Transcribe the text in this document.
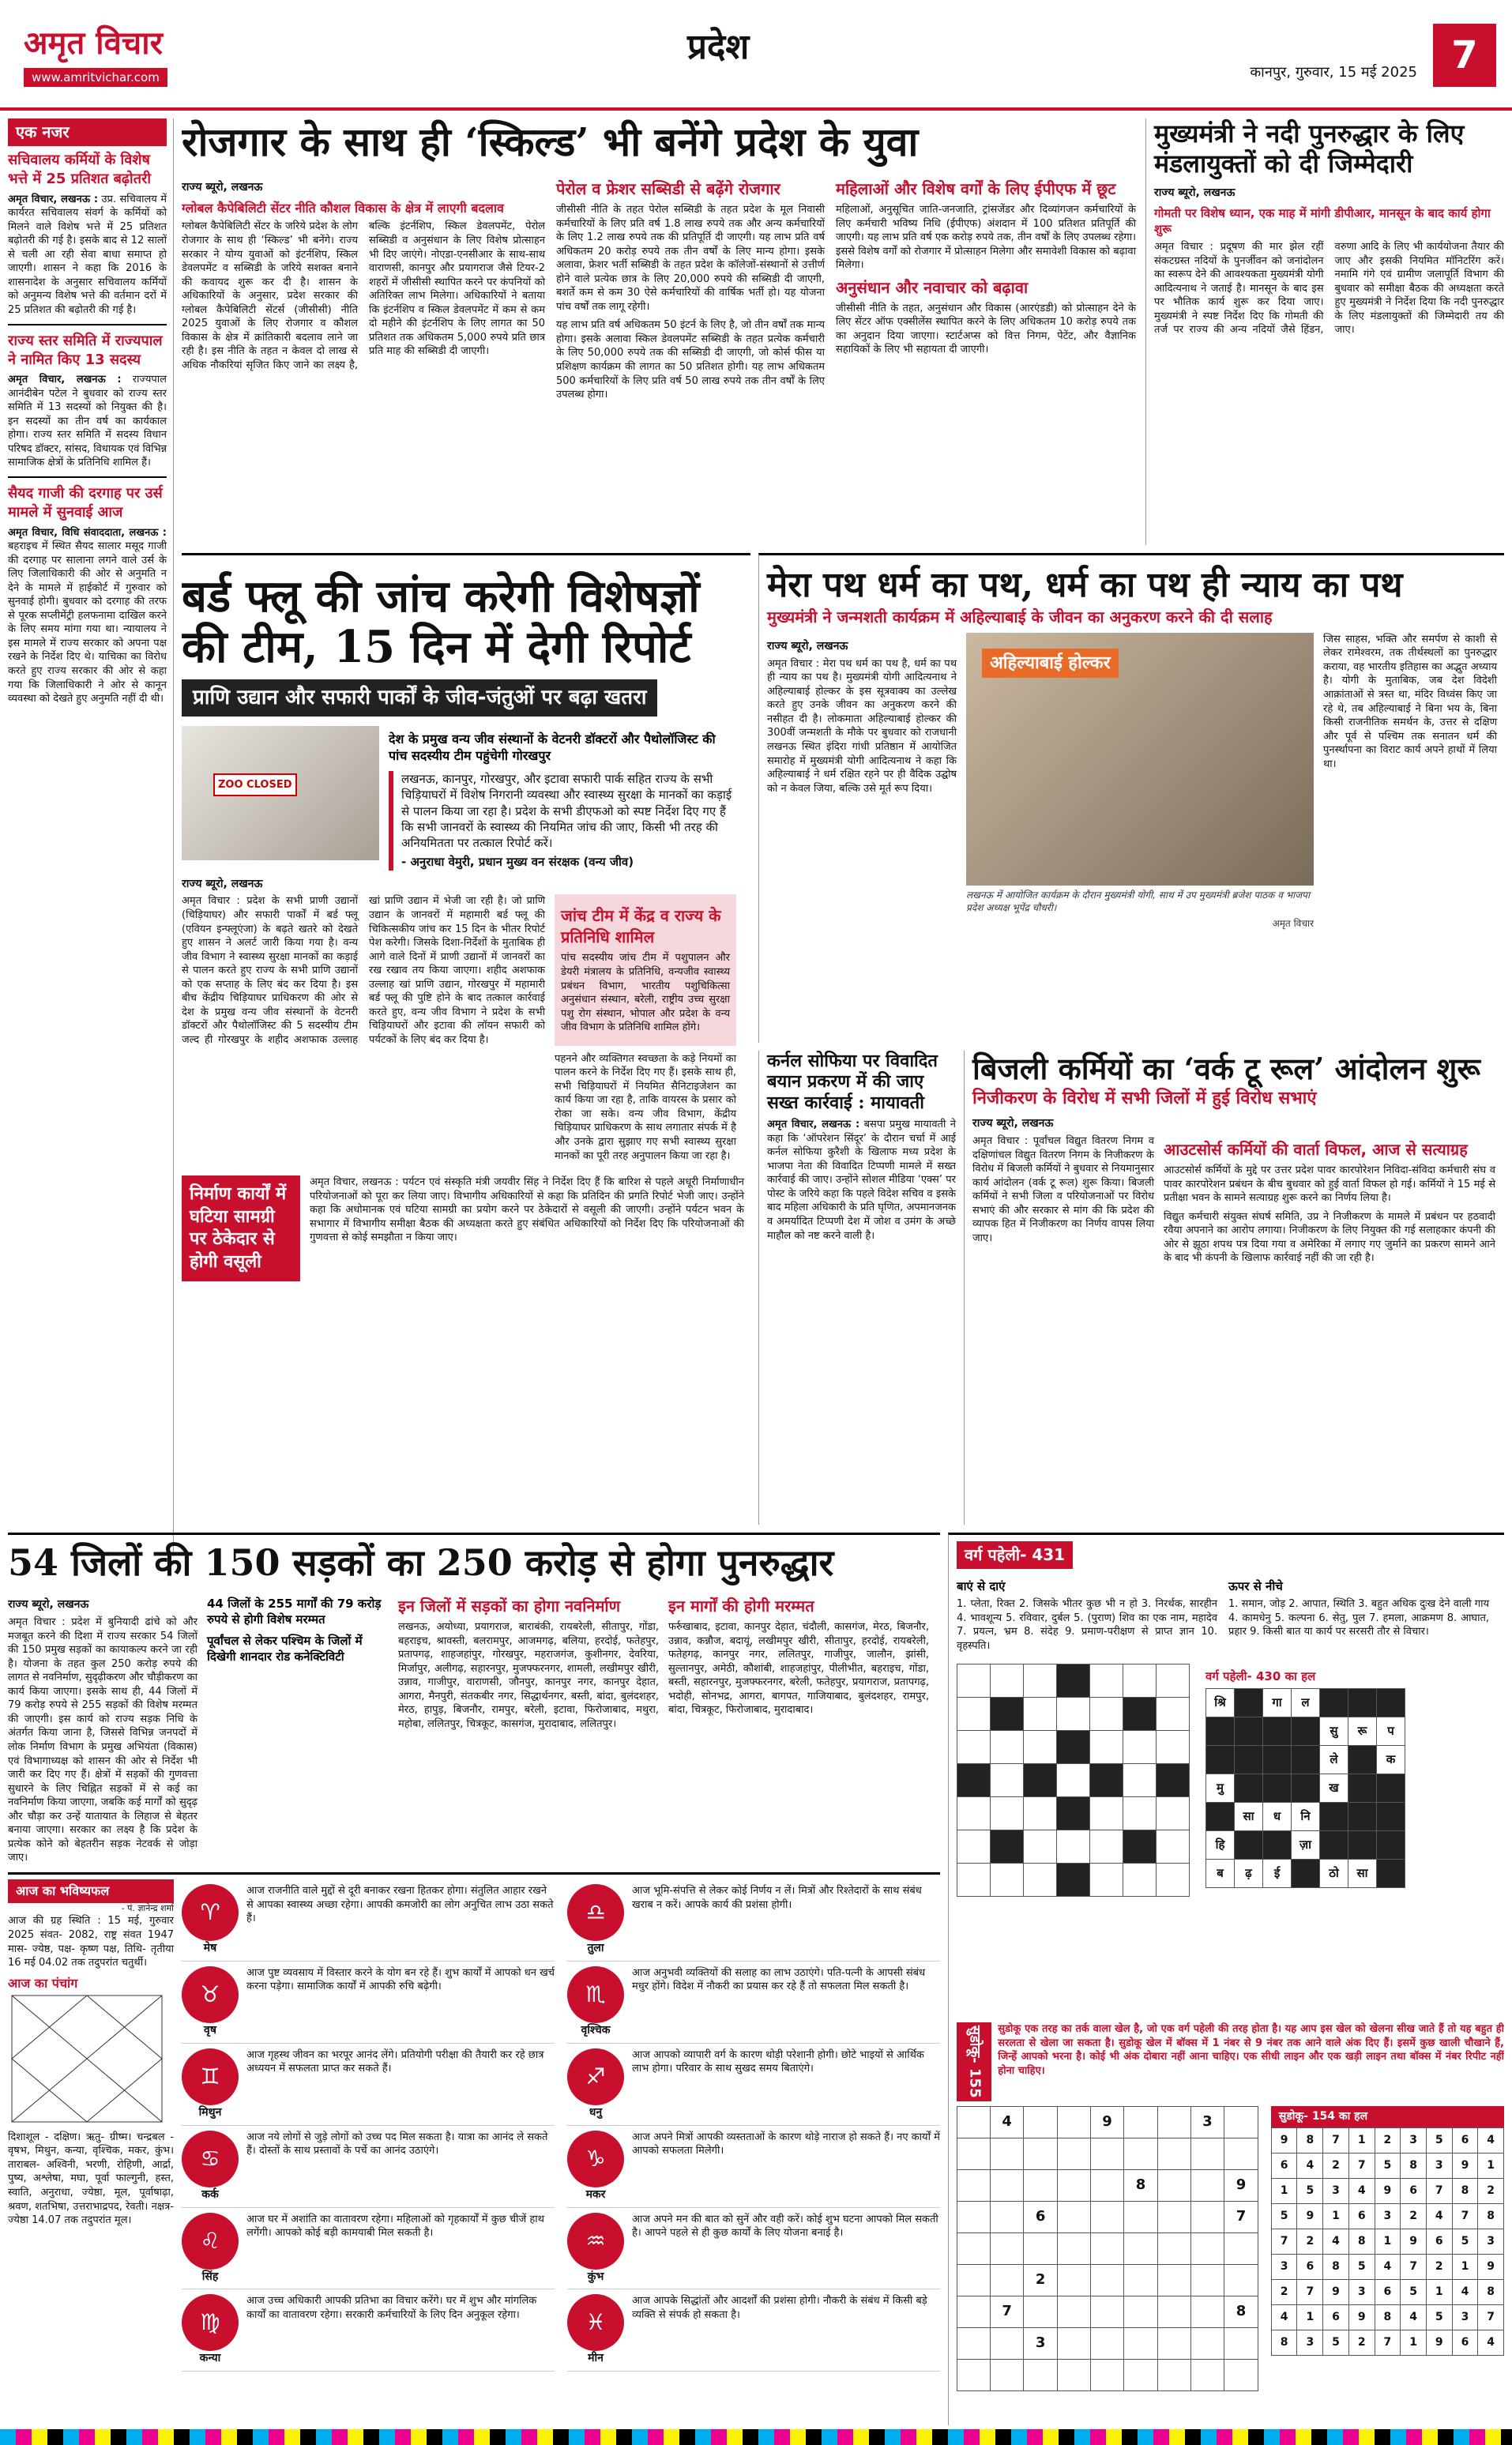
अमृत विचार
www.amritvichar.com
प्रदेश
कानपुर, गुरुवार, 15 मई 2025 7
एक नजर
सचिवालय कर्मियों के विशेष भत्ते में 25 प्रतिशत बढ़ोतरी
अमृत विचार, लखनऊ : उप्र. सचिवालय में कार्यरत सचिवालय संवर्ग के कर्मियों को मिलने वाले विशेष भत्ते में 25 प्रतिशत बढ़ोतरी की गई है। इसके बाद से 12 सालों से चली आ रही सेवा बाधा समाप्त हो जाएगी। शासन ने कहा कि 2016 के शासनादेश के अनुसार सचिवालय कर्मियों को अनुमन्य विशेष भत्ते की वर्तमान दरों में 25 प्रतिशत की बढ़ोतरी की गई है।
राज्य स्तर समिति में राज्यपाल ने नामित किए 13 सदस्य
अमृत विचार, लखनऊ : राज्यपाल आनंदीबेन पटेल ने बुधवार को राज्य स्तर समिति में 13 सदस्यों को नियुक्त की है। इन सदस्यों का तीन वर्ष का कार्यकाल होगा। राज्य स्तर समिति में सदस्य विधान परिषद डॉक्टर, सांसद, विधायक एवं विभिन्न सामाजिक क्षेत्रों के प्रतिनिधि शामिल हैं।
सैयद गाजी की दरगाह पर उर्स मामले में सुनवाई आज
अमृत विचार, विधि संवाददाता, लखनऊ : बहराइच में स्थित सैयद सालार मसूद गाजी की दरगाह पर सालाना लगने वाले उर्स के लिए जिलाधिकारी की ओर से अनुमति न देने के मामले में हाईकोर्ट में गुरुवार को सुनवाई होगी। बुधवार को दरगाह की तरफ से पूरक सप्लीमेंट्री हलफनामा दाखिल करने के लिए समय मांगा गया था। न्यायालय ने इस मामले में राज्य सरकार को अपना पक्ष रखने के निर्देश दिए थे। याचिका का विरोध करते हुए राज्य सरकार की ओर से कहा गया कि जिलाधिकारी ने ओर से कानून व्यवस्था को देखते हुए अनुमति नहीं दी थी।
रोजगार के साथ ही ‘स्किल्ड’ भी बनेंगे प्रदेश के युवा
राज्य ब्यूरो, लखनऊ
ग्लोबल कैपेबिलिटी सेंटर नीति कौशल विकास के क्षेत्र में लाएगी बदलाव
ग्लोबल कैपेबिलिटी सेंटर के जरिये प्रदेश के लोग रोजगार के साथ ही ‘स्किल्ड’ भी बनेंगे। राज्य सरकार ने योग्य युवाओं को इंटर्नशिप, स्किल डेवलपमेंट व सब्सिडी के जरिये सशक्त बनाने की कवायद शुरू कर दी है। शासन के अधिकारियों के अनुसार, प्रदेश सरकार की ग्लोबल कैपेबिलिटी सेंटर्स (जीसीसी) नीति 2025 युवाओं के लिए रोजगार व कौशल विकास के क्षेत्र में क्रांतिकारी बदलाव लाने जा रही है। इस नीति के तहत न केवल दो लाख से अधिक नौकरियां सृजित किए जाने का लक्ष्य है, बल्कि इंटर्नशिप, स्किल डेवलपमेंट, पेरोल सब्सिडी व अनुसंधान के लिए विशेष प्रोत्साहन भी दिए जाएंगे। नोएडा-एनसीआर के साथ-साथ वाराणसी, कानपुर और प्रयागराज जैसे टियर-2 शहरों में जीसीसी स्थापित करने पर कंपनियों को अतिरिक्त लाभ मिलेगा। अधिकारियों ने बताया कि इंटर्नशिप व स्किल डेवलपमेंट में कम से कम दो महीने की इंटर्नशिप के लिए लागत का 50 प्रतिशत तक अधिकतम 5,000 रुपये प्रति छात्र प्रति माह की सब्सिडी दी जाएगी।
पेरोल व फ्रेशर सब्सिडी से बढ़ेंगे रोजगार
जीसीसी नीति के तहत पेरोल सब्सिडी के तहत प्रदेश के मूल निवासी कर्मचारियों के लिए प्रति वर्ष 1.8 लाख रुपये तक और अन्य कर्मचारियों के लिए 1.2 लाख रुपये तक की प्रतिपूर्ति दी जाएगी। यह लाभ प्रति वर्ष अधिकतम 20 करोड़ रुपये तक तीन वर्षों के लिए मान्य होगा। इसके अलावा, फ्रेशर भर्ती सब्सिडी के तहत प्रदेश के कॉलेजों-संस्थानों से उत्तीर्ण होने वाले प्रत्येक छात्र के लिए 20,000 रुपये की सब्सिडी दी जाएगी, बशर्ते कम से कम 30 ऐसे कर्मचारियों की वार्षिक भर्ती हो। यह योजना पांच वर्षों तक लागू रहेगी।
यह लाभ प्रति वर्ष अधिकतम 50 इंटर्न के लिए है, जो तीन वर्षों तक मान्य होगा। इसके अलावा स्किल डेवलपमेंट सब्सिडी के तहत प्रत्येक कर्मचारी के लिए 50,000 रुपये तक की सब्सिडी दी जाएगी, जो कोर्स फीस या प्रशिक्षण कार्यक्रम की लागत का 50 प्रतिशत होगी। यह लाभ अधिकतम 500 कर्मचारियों के लिए प्रति वर्ष 50 लाख रुपये तक तीन वर्षों के लिए उपलब्ध होगा।
महिलाओं और विशेष वर्गों के लिए ईपीएफ में छूट
महिलाओं, अनुसूचित जाति-जनजाति, ट्रांसजेंडर और दिव्यांगजन कर्मचारियों के लिए कर्मचारी भविष्य निधि (ईपीएफ) अंशदान में 100 प्रतिशत प्रतिपूर्ति की जाएगी। यह लाभ प्रति वर्ष एक करोड़ रुपये तक, तीन वर्षों के लिए उपलब्ध रहेगा। इससे विशेष वर्गों को रोजगार में प्रोत्साहन मिलेगा और समावेशी विकास को बढ़ावा मिलेगा।
अनुसंधान और नवाचार को बढ़ावा
जीसीसी नीति के तहत, अनुसंधान और विकास (आरएंडडी) को प्रोत्साहन देने के लिए सेंटर ऑफ एक्सीलेंस स्थापित करने के लिए अधिकतम 10 करोड़ रुपये तक का अनुदान दिया जाएगा। स्टार्टअप्स को वित्त निगम, पेटेंट, और वैज्ञानिक सहायिकों के लिए भी सहायता दी जाएगी।
मुख्यमंत्री ने नदी पुनरुद्धार के लिए मंडलायुक्तों को दी जिम्मेदारी
राज्य ब्यूरो, लखनऊ
गोमती पर विशेष ध्यान, एक माह में मांगी डीपीआर, मानसून के बाद कार्य होगा शुरू
अमृत विचार : प्रदूषण की मार झेल रहीं संकटग्रस्त नदियों के पुनर्जीवन को जनांदोलन का स्वरूप देने की आवश्यकता मुख्यमंत्री योगी आदित्यनाथ ने जताई है। मानसून के बाद इस पर भौतिक कार्य शुरू कर दिया जाए। मुख्यमंत्री ने स्पष्ट निर्देश दिए कि गोमती की तर्ज पर राज्य की अन्य नदियों जैसे हिंडन, वरुणा आदि के लिए भी कार्ययोजना तैयार की जाए और इसकी नियमित मॉनिटरिंग करें। नमामि गंगे एवं ग्रामीण जलापूर्ति विभाग की बुधवार को समीक्षा बैठक की अध्यक्षता करते हुए मुख्यमंत्री ने निर्देश दिया कि नदी पुनरुद्धार के लिए मंडलायुक्तों की जिम्मेदारी तय की जाए।
बर्ड फ्लू की जांच करेगी विशेषज्ञों
की टीम, 15 दिन में देगी रिपोर्ट
प्राणि उद्यान और सफारी पार्कों के जीव-जंतुओं पर बढ़ा खतरा
ZOO CLOSED
देश के प्रमुख वन्य जीव संस्थानों के वेटनरी डॉक्टरों और पैथोलॉजिस्ट की पांच सदस्यीय टीम पहुंचेगी गोरखपुर
लखनऊ, कानपुर, गोरखपुर, और इटावा सफारी पार्क सहित राज्य के सभी चिड़ियाघरों में विशेष निगरानी व्यवस्था और स्वास्थ्य सुरक्षा के मानकों का कड़ाई से पालन किया जा रहा है। प्रदेश के सभी डीएफओ को स्पष्ट निर्देश दिए गए हैं कि सभी जानवरों के स्वास्थ्य की नियमित जांच की जाए, किसी भी तरह की अनियमितता पर तत्काल रिपोर्ट करें।
- अनुराधा वेमुरी, प्रधान मुख्य वन संरक्षक (वन्य जीव)
राज्य ब्यूरो, लखनऊ
अमृत विचार : प्रदेश के सभी प्राणी उद्यानों (चिड़ियाघर) और सफारी पार्कों में बर्ड फ्लू (एवियन इन्फ्लूएंजा) के बढ़ते खतरे को देखते हुए शासन ने अलर्ट जारी किया गया है। वन्य जीव विभाग ने स्वास्थ्य सुरक्षा मानकों का कड़ाई से पालन करते हुए राज्य के सभी प्राणि उद्यानों को एक सप्ताह के लिए बंद कर दिया है। इस बीच केंद्रीय चिड़ियाघर प्राधिकरण की ओर से देश के प्रमुख वन्य जीव संस्थानों के वेटनरी डॉक्टरों और पैथोलॉजिस्ट की 5 सदस्यीय टीम जल्द ही गोरखपुर के शहीद अशफाक उल्लाह खां प्राणि उद्यान में भेजी जा रही है। जो प्राणि उद्यान के जानवरों में महामारी बर्ड फ्लू की चिकित्सकीय जांच कर 15 दिन के भीतर रिपोर्ट पेश करेगी। जिसके दिशा-निर्देशों के मुताबिक ही आगे वाले दिनों में प्राणी उद्यानों में जानवरों का रख रखाव तय किया जाएगा। शहीद अशफाक उल्लाह खां प्राणि उद्यान, गोरखपुर में महामारी बर्ड फ्लू की पुष्टि होने के बाद तत्काल कार्रवाई करते हुए, वन्य जीव विभाग ने प्रदेश के सभी चिड़ियाघरों और इटावा की लॉयन सफारी को पर्यटकों के लिए बंद कर दिया है।
जांच टीम में केंद्र व राज्य के प्रतिनिधि शामिल
पांच सदस्यीय जांच टीम में पशुपालन और डेयरी मंत्रालय के प्रतिनिधि, वन्यजीव स्वास्थ्य प्रबंधन विभाग, भारतीय पशुचिकित्सा अनुसंधान संस्थान, बरेली, राष्ट्रीय उच्च सुरक्षा पशु रोग संस्थान, भोपाल और प्रदेश के वन्य जीव विभाग के प्रतिनिधि शामिल होंगे।
पहनने और व्यक्तिगत स्वच्छता के कड़े नियमों का पालन करने के निर्देश दिए गए हैं। इसके साथ ही, सभी चिड़ियाघरों में नियमित सैनिटाइजेशन का कार्य किया जा रहा है, ताकि वायरस के प्रसार को रोका जा सके। वन्य जीव विभाग, केंद्रीय चिड़ियाघर प्राधिकरण के साथ लगातार संपर्क में है और उनके द्वारा सुझाए गए सभी स्वास्थ्य सुरक्षा मानकों का पूरी तरह अनुपालन किया जा रहा है।
निर्माण कार्यों में घटिया सामग्री पर ठेकेदार से होगी वसूली
अमृत विचार, लखनऊ : पर्यटन एवं संस्कृति मंत्री जयवीर सिंह ने निर्देश दिए हैं कि बारिश से पहले अधूरी निर्माणाधीन परियोजनाओं को पूरा कर लिया जाए। विभागीय अधिकारियों से कहा कि प्रतिदिन की प्रगति रिपोर्ट भेजी जाए। उन्होंने कहा कि अधोमानक एवं घटिया सामग्री का प्रयोग करने पर ठेकेदारों से वसूली की जाएगी। उन्होंने पर्यटन भवन के सभागार में विभागीय समीक्षा बैठक की अध्यक्षता करते हुए संबंधित अधिकारियों को निर्देश दिए कि परियोजनाओं की गुणवत्ता से कोई समझौता न किया जाए।
मेरा पथ धर्म का पथ, धर्म का पथ ही न्याय का पथ
मुख्यमंत्री ने जन्मशती कार्यक्रम में अहिल्याबाई के जीवन का अनुकरण करने की दी सलाह
राज्य ब्यूरो, लखनऊ
अमृत विचार : मेरा पथ धर्म का पथ है, धर्म का पथ ही न्याय का पथ है। मुख्यमंत्री योगी आदित्यनाथ ने अहिल्याबाई होल्कर के इस सूत्रवाक्य का उल्लेख करते हुए उनके जीवन का अनुकरण करने की नसीहत दी है। लोकमाता अहिल्याबाई होल्कर की 300वीं जन्मशती के मौके पर बुधवार को राजधानी लखनऊ स्थित इंदिरा गांधी प्रतिष्ठान में आयोजित समारोह में मुख्यमंत्री योगी आदित्यनाथ ने कहा कि अहिल्याबाई ने धर्म रक्षित रहने पर ही वैदिक उद्घोष को न केवल जिया, बल्कि उसे मूर्त रूप दिया।
अहिल्याबाई होल्कर
लखनऊ में आयोजित कार्यक्रम के दौरान मुख्यमंत्री योगी, साथ में उप मुख्यमंत्री ब्रजेश पाठक व भाजपा प्रदेश अध्यक्ष भूपेंद्र चौधरी।
अमृत विचार
जिस साहस, भक्ति और समर्पण से काशी से लेकर रामेश्वरम, तक तीर्थस्थलों का पुनरुद्धार कराया, वह भारतीय इतिहास का अद्भुत अध्याय है। योगी के मुताबिक, जब देश विदेशी आक्रांताओं से त्रस्त था, मंदिर विध्वंस किए जा रहे थे, तब अहिल्याबाई ने बिना भय के, बिना किसी राजनीतिक समर्थन के, उत्तर से दक्षिण और पूर्व से पश्चिम तक सनातन धर्म की पुनर्स्थापना का विराट कार्य अपने हाथों में लिया था।
कर्नल सोफिया पर विवादित बयान प्रकरण में की जाए सख्त कार्रवाई : मायावती
अमृत विचार, लखनऊ : बसपा प्रमुख मायावती ने कहा कि ‘ऑपरेशन सिंदूर’ के दौरान चर्चा में आई कर्नल सोफिया कुरैशी के खिलाफ मध्य प्रदेश के भाजपा नेता की विवादित टिप्पणी मामले में सख्त कार्रवाई की जाए। उन्होंने सोशल मीडिया ‘एक्स’ पर पोस्ट के जरिये कहा कि पहले विदेश सचिव व इसके बाद महिला अधिकारी के प्रति घृणित, अपमानजनक व अमर्यादित टिप्पणी देश में जोश व उमंग के अच्छे माहौल को नष्ट करने वाली है।
बिजली कर्मियों का ‘वर्क टू रूल’ आंदोलन शुरू
निजीकरण के विरोध में सभी जिलों में हुई विरोध सभाएं
राज्य ब्यूरो, लखनऊ
अमृत विचार : पूर्वांचल विद्युत वितरण निगम व दक्षिणांचल विद्युत वितरण निगम के निजीकरण के विरोध में बिजली कर्मियों ने बुधवार से नियमानुसार कार्य आंदोलन (वर्क टू रूल) शुरू किया। बिजली कर्मियों ने सभी जिला व परियोजनाओं पर विरोध सभाएं की और सरकार से मांग की कि प्रदेश की व्यापक हित में निजीकरण का निर्णय वापस लिया जाए।
आउटसोर्स कर्मियों की वार्ता विफल, आज से सत्याग्रह
आउटसोर्स कर्मियों के मुद्दे पर उत्तर प्रदेश पावर कारपोरेशन निविदा-संविदा कर्मचारी संघ व पावर कारपोरेशन प्रबंधन के बीच बुधवार को हुई वार्ता विफल हो गई। कर्मियों ने 15 मई से प्रतीक्षा भवन के सामने सत्याग्रह शुरू करने का निर्णय लिया है।
विद्युत कर्मचारी संयुक्त संघर्ष समिति, उप्र ने निजीकरण के मामले में प्रबंधन पर हठवादी रवैया अपनाने का आरोप लगाया। निजीकरण के लिए नियुक्त की गई सलाहकार कंपनी की ओर से झूठा शपथ पत्र दिया गया व अमेरिका में लगाए गए जुर्माने का प्रकरण सामने आने के बाद भी कंपनी के खिलाफ कार्रवाई नहीं की जा रही है।
54 जिलों की 150 सड़कों का 250 करोड़ से होगा पुनरुद्धार
राज्य ब्यूरो, लखनऊ
अमृत विचार : प्रदेश में बुनियादी ढांचे को और मजबूत करने की दिशा में राज्य सरकार 54 जिलों की 150 प्रमुख सड़कों का कायाकल्प करने जा रही है। योजना के तहत कुल 250 करोड़ रुपये की लागत से नवनिर्माण, सुदृढ़ीकरण और चौड़ीकरण का कार्य किया जाएगा। इसके साथ ही, 44 जिलों में 79 करोड़ रुपये से 255 सड़कों की विशेष मरम्मत की जाएगी। इस कार्य को राज्य सड़क निधि के अंतर्गत किया जाना है, जिससे विभिन्न जनपदों में लोक निर्माण विभाग के प्रमुख अभियंता (विकास) एवं विभागाध्यक्ष को शासन की ओर से निर्देश भी जारी कर दिए गए हैं। क्षेत्रों में सड़कों की गुणवत्ता सुधारने के लिए चिह्नित सड़कों में से कई का नवनिर्माण किया जाएगा, जबकि कई मार्गों को सुदृढ़ और चौड़ा कर उन्हें यातायात के लिहाज से बेहतर बनाया जाएगा। सरकार का लक्ष्य है कि प्रदेश के प्रत्येक कोने को बेहतरीन सड़क नेटवर्क से जोड़ा जाए।
44 जिलों के 255 मार्गों की 79 करोड़ रुपये से होगी विशेष मरम्मत
पूर्वांचल से लेकर पश्चिम के जिलों में दिखेगी शानदार रोड कनेक्टिविटी
इन जिलों में सड़कों का होगा नवनिर्माण
लखनऊ, अयोध्या, प्रयागराज, बाराबंकी, रायबरेली, सीतापुर, गोंडा, बहराइच, श्रावस्ती, बलरामपुर, आजमगढ़, बलिया, हरदोई, फतेहपुर, प्रतापगढ़, शाहजहांपुर, गोरखपुर, महराजगंज, कुशीनगर, देवरिया, मिर्जापुर, अलीगढ़, सहारनपुर, मुजफ्फरनगर, शामली, लखीमपुर खीरी, उन्नाव, गाजीपुर, वाराणसी, जौनपुर, कानपुर नगर, कानपुर देहात, आगरा, मैनपुरी, संतकबीर नगर, सिद्धार्थनगर, बस्ती, बांदा, बुलंदशहर, मेरठ, हापुड़, बिजनौर, रामपुर, बरेली, इटावा, फिरोजाबाद, मथुरा, महोबा, ललितपुर, चित्रकूट, कासगंज, मुरादाबाद, ललितपुर।
इन मार्गों की होगी मरम्मत
फर्रुखाबाद, इटावा, कानपुर देहात, चंदौली, कासगंज, मेरठ, बिजनौर, उन्नाव, कन्नौज, बदायूं, लखीमपुर खीरी, सीतापुर, हरदोई, रायबरेली, फतेहगढ़, कानपुर नगर, ललितपुर, गाजीपुर, जालौन, झांसी, सुल्तानपुर, अमेठी, कौशांबी, शाहजहांपुर, पीलीभीत, बहराइच, गोंडा, बस्ती, सहारनपुर, मुजफ्फरनगर, बरेली, फतेहपुर, प्रयागराज, प्रतापगढ़, भदोही, सोनभद्र, आगरा, बागपत, गाजियाबाद, बुलंदशहर, रामपुर, बांदा, चित्रकूट, फिरोजाबाद, मुरादाबाद।
वर्ग पहेली- 431
बाएं से दाएं
1. प्लेता, रिक्त 2. जिसके भीतर कुछ भी न हो 3. निरर्थक, सारहीन 4. भावशून्य 5. रविवार, दुर्बल 5. (पुराण) शिव का एक नाम, महादेव 7. प्रयत्न, भ्रम 8. संदेह 9. प्रमाण-परीक्षण से प्राप्त ज्ञान 10. वृहस्पति।
ऊपर से नीचे
1. समान, जोड़ 2. आपात, स्थिति 3. बहुत अधिक दुःख देने वाली गाय 4. कामधेनु 5. कल्पना 6. सेतु, पुल 7. हमला, आक्रमण 8. आघात, प्रहार 9. किसी बात या कार्य पर सरसरी तौर से विचार।

वर्ग पहेली- 430 का हल
श्रि		गा	ल			
				सु	रू	प
				ले		क
मु				ख		
	सा	ध	नि			
हि			ज़ा			
ब	ढ़	ई		ठो	सा	
आज का भविष्यफल
- पं. ज्ञानेन्द्र शर्मा
आज की ग्रह स्थिति : 15 मई, गुरुवार 2025 संवत- 2082, राष्ट्र संवत 1947 मास- ज्येष्ठ, पक्ष- कृष्ण पक्ष, तिथि- तृतीया 16 मई 04.02 तक तदुपरांत चतुर्थी।
आज का पंचांग
दिशाशूल - दक्षिण। ऋतु- ग्रीष्म। चन्द्रबल - वृषभ, मिथुन, कन्या, वृश्चिक, मकर, कुंभ। ताराबल- अश्विनी, भरणी, रोहिणी, आर्द्रा, पुष्य, अश्लेषा, मघा, पूर्वा फाल्गुनी, हस्त, स्वाति, अनुराधा, ज्येष्ठा, मूल, पूर्वाषाढ़ा, श्रवण, शतभिषा, उत्तराभाद्रपद, रेवती। नक्षत्र- ज्येष्ठा 14.07 तक तदुपरांत मूल।
♈
मेष
आज राजनीति वाले मुद्दों से दूरी बनाकर रखना हितकर होगा। संतुलित आहार रखने से आपका स्वास्थ्य अच्छा रहेगा। आपकी कमजोरी का लोग अनुचित लाभ उठा सकते हैं।
♉
वृष
आज पुष्ट व्यवसाय में विस्तार करने के योग बन रहे हैं। शुभ कार्यों में आपको धन खर्च करना पड़ेगा। सामाजिक कार्यों में आपकी रुचि बढ़ेगी।
♊
मिथुन
आज गृहस्थ जीवन का भरपूर आनंद लेंगे। प्रतियोगी परीक्षा की तैयारी कर रहे छात्र अध्ययन में सफलता प्राप्त कर सकते हैं।
♋
कर्क
आज नये लोगों से जुड़े लोगों को उच्च पद मिल सकता है। यात्रा का आनंद ले सकते हैं। दोस्तों के साथ प्रस्तावों के पर्चे का आनंद उठाएंगे।
♌
सिंह
आज घर में अशांति का वातावरण रहेगा। महिलाओं को गृहकार्यों में कुछ चीजें हाथ लगेंगी। आपको कोई बड़ी कामयाबी मिल सकती है।
♍
कन्या
आज उच्च अधिकारी आपकी प्रतिभा का विचार करेंगे। घर में शुभ और मांगलिक कार्यों का वातावरण रहेगा। सरकारी कर्मचारियों के लिए दिन अनुकूल रहेगा।
♎
तुला
आज भूमि-संपत्ति से लेकर कोई निर्णय न लें। मित्रों और रिश्तेदारों के साथ संबंध खराब न करें। आपके कार्य की प्रशंसा होगी।
♏
वृश्चिक
आज अनुभवी व्यक्तियों की सलाह का लाभ उठाएंगे। पति-पत्नी के आपसी संबंध मधुर होंगे। विदेश में नौकरी का प्रयास कर रहे हैं तो सफलता मिल सकती है।
♐
धनु
आज आपको व्यापारी वर्ग के कारण थोड़ी परेशानी होगी। छोटे भाइयों से आर्थिक लाभ होगा। परिवार के साथ सुखद समय बिताएंगे।
♑
मकर
आज अपने मित्रों आपकी व्यस्तताओं के कारण थोड़े नाराज हो सकते हैं। नए कार्यों में आपको सफलता मिलेगी।
♒
कुंभ
आज अपने मन की बात को सुनें और वही करें। कोई शुभ घटना आपको मिल सकती है। आपने पहले से ही कुछ कार्यों के लिए योजना बनाई है।
♓
मीन
आज आपके सिद्धांतों और आदर्शों की प्रशंसा होगी। नौकरी के संबंध में किसी बड़े व्यक्ति से संपर्क हो सकता है।
सुडोकू- 155	सुडोकू एक तरह का तर्क वाला खेल है, जो एक वर्ग पहेली की तरह होता है। यह आप इस खेल को खेलना सीख जाते हैं तो यह बहुत ही सरलता से खेला जा सकता है। सुडोकू खेल में बॉक्स में 1 नंबर से 9 नंबर तक आने वाले अंक दिए हैं। इसमें कुछ खाली चौखाने हैं, जिन्हें आपको भरना है। कोई भी अंक दोबारा नहीं आना चाहिए। एक सीधी लाइन और एक खड़ी लाइन तथा बॉक्स में नंबर रिपीट नहीं होना चाहिए।
	4			9			3	

					8			9
		6						7

		2						
	7							8
		3						

सुडोकू- 154 का हल
9	8	7	1	2	3	5	6	4
6	4	2	7	5	8	3	9	1
1	5	3	4	9	6	7	8	2
5	9	1	6	3	2	4	7	8
7	2	4	8	1	9	6	5	3
3	6	8	5	4	7	2	1	9
2	7	9	3	6	5	1	4	8
4	1	6	9	8	4	5	3	7
8	3	5	2	7	1	9	6	4
